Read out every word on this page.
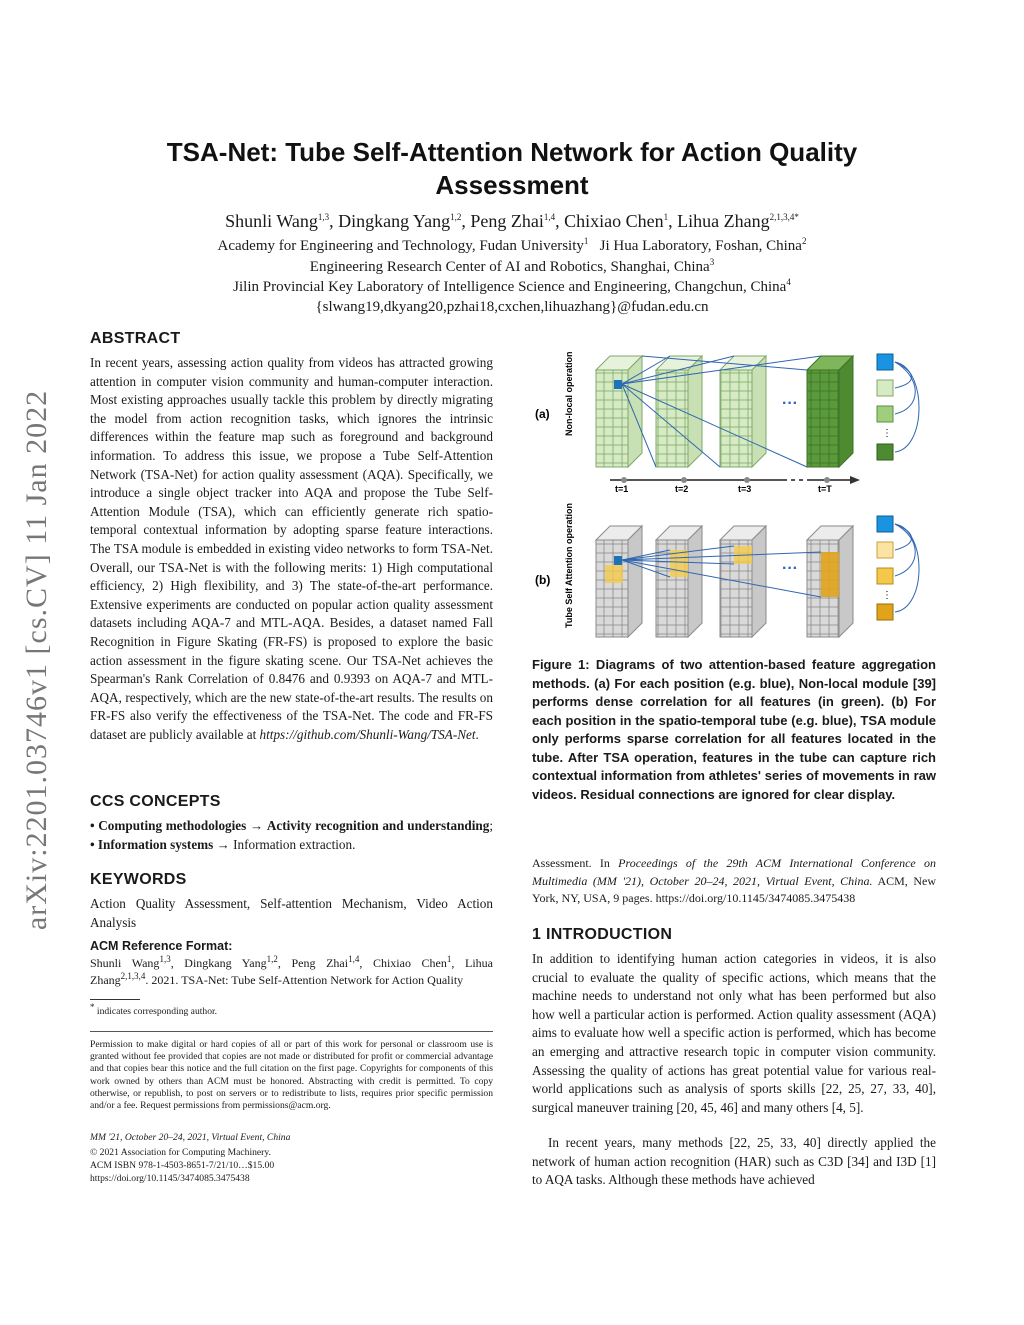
arXiv:2201.03746v1 [cs.CV] 11 Jan 2022
TSA-Net: Tube Self-Attention Network for Action Quality
Assessment
Shunli Wang$^{1,3}$, Dingkang Yang$^{1,2}$, Peng Zhai$^{1,4}$, Chixiao Chen$^1$, Lihua Zhang$^{2,1,3,4*}$
Academy for Engineering and Technology, Fudan University$^1$ Ji Hua Laboratory, Foshan, China$^2$
Engineering Research Center of AI and Robotics, Shanghai, China$^3$
Jilin Provincial Key Laboratory of Intelligence Science and Engineering, Changchun, China$^4$
{slwang19,dkyang20,pzhai18,cxchen,lihuazhang}@fudan.edu.cn
ABSTRACT
In recent years, assessing action quality from videos has attracted growing attention in computer vision community and human-computer interaction. Most existing approaches usually tackle this problem by directly migrating the model from action recognition tasks, which ignores the intrinsic differences within the feature map such as foreground and background information. To address this issue, we propose a Tube Self-Attention Network (TSA-Net) for action quality assessment (AQA). Specifically, we introduce a single object tracker into AQA and propose the Tube Self-Attention Module (TSA), which can efficiently generate rich spatio-temporal contextual information by adopting sparse feature interactions. The TSA module is embedded in existing video networks to form TSA-Net. Overall, our TSA-Net is with the following merits: 1) High computational efficiency, 2) High flexibility, and 3) The state-of-the-art performance. Extensive experiments are conducted on popular action quality assessment datasets including AQA-7 and MTL-AQA. Besides, a dataset named Fall Recognition in Figure Skating (FR-FS) is proposed to explore the basic action assessment in the figure skating scene. Our TSA-Net achieves the Spearman's Rank Correlation of 0.8476 and 0.9393 on AQA-7 and MTL-AQA, respectively, which are the new state-of-the-art results. The results on FR-FS also verify the effectiveness of the TSA-Net. The code and FR-FS dataset are publicly available at https://github.com/Shunli-Wang/TSA-Net.
CCS CONCEPTS
• Computing methodologies → Activity recognition and understanding; • Information systems → Information extraction.
KEYWORDS
Action Quality Assessment, Self-attention Mechanism, Video Action Analysis
ACM Reference Format:
Shunli Wang$^{1,3}$, Dingkang Yang$^{1,2}$, Peng Zhai$^{1,4}$, Chixiao Chen$^1$, Lihua Zhang$^{2,1,3,4}$. 2021. TSA-Net: Tube Self-Attention Network for Action Quality
* indicates corresponding author.
Permission to make digital or hard copies of all or part of this work for personal or classroom use is granted without fee provided that copies are not made or distributed for profit or commercial advantage and that copies bear this notice and the full citation on the first page. Copyrights for components of this work owned by others than ACM must be honored. Abstracting with credit is permitted. To copy otherwise, or republish, to post on servers or to redistribute to lists, requires prior specific permission and/or a fee. Request permissions from permissions@acm.org.
MM '21, October 20–24, 2021, Virtual Event, China
© 2021 Association for Computing Machinery.
ACM ISBN 978-1-4503-8651-7/21/10…$15.00
https://doi.org/10.1145/3474085.3475438
(a) Non-local operation	···
⋮
t=1	t=2	t=3	t=T
(b) Tube Self Attention operation	···
⋮
Figure 1: Diagrams of two attention-based feature aggregation methods. (a) For each position (e.g. blue), Non-local module [39] performs dense correlation for all features (in green). (b) For each position in the spatio-temporal tube (e.g. blue), TSA module only performs sparse correlation for all features located in the tube. After TSA operation, features in the tube can capture rich contextual information from athletes' series of movements in raw videos. Residual connections are ignored for clear display.
Assessment. In Proceedings of the 29th ACM International Conference on Multimedia (MM '21), October 20–24, 2021, Virtual Event, China. ACM, New York, NY, USA, 9 pages. https://doi.org/10.1145/3474085.3475438
1 INTRODUCTION
In addition to identifying human action categories in videos, it is also crucial to evaluate the quality of specific actions, which means that the machine needs to understand not only what has been performed but also how well a particular action is performed. Action quality assessment (AQA) aims to evaluate how well a specific action is performed, which has become an emerging and attractive research topic in computer vision community. Assessing the quality of actions has great potential value for various real-world applications such as analysis of sports skills [22, 25, 27, 33, 40], surgical maneuver training [20, 45, 46] and many others [4, 5].
In recent years, many methods [22, 25, 33, 40] directly applied the network of human action recognition (HAR) such as C3D [34] and I3D [1] to AQA tasks. Although these methods have achieved
